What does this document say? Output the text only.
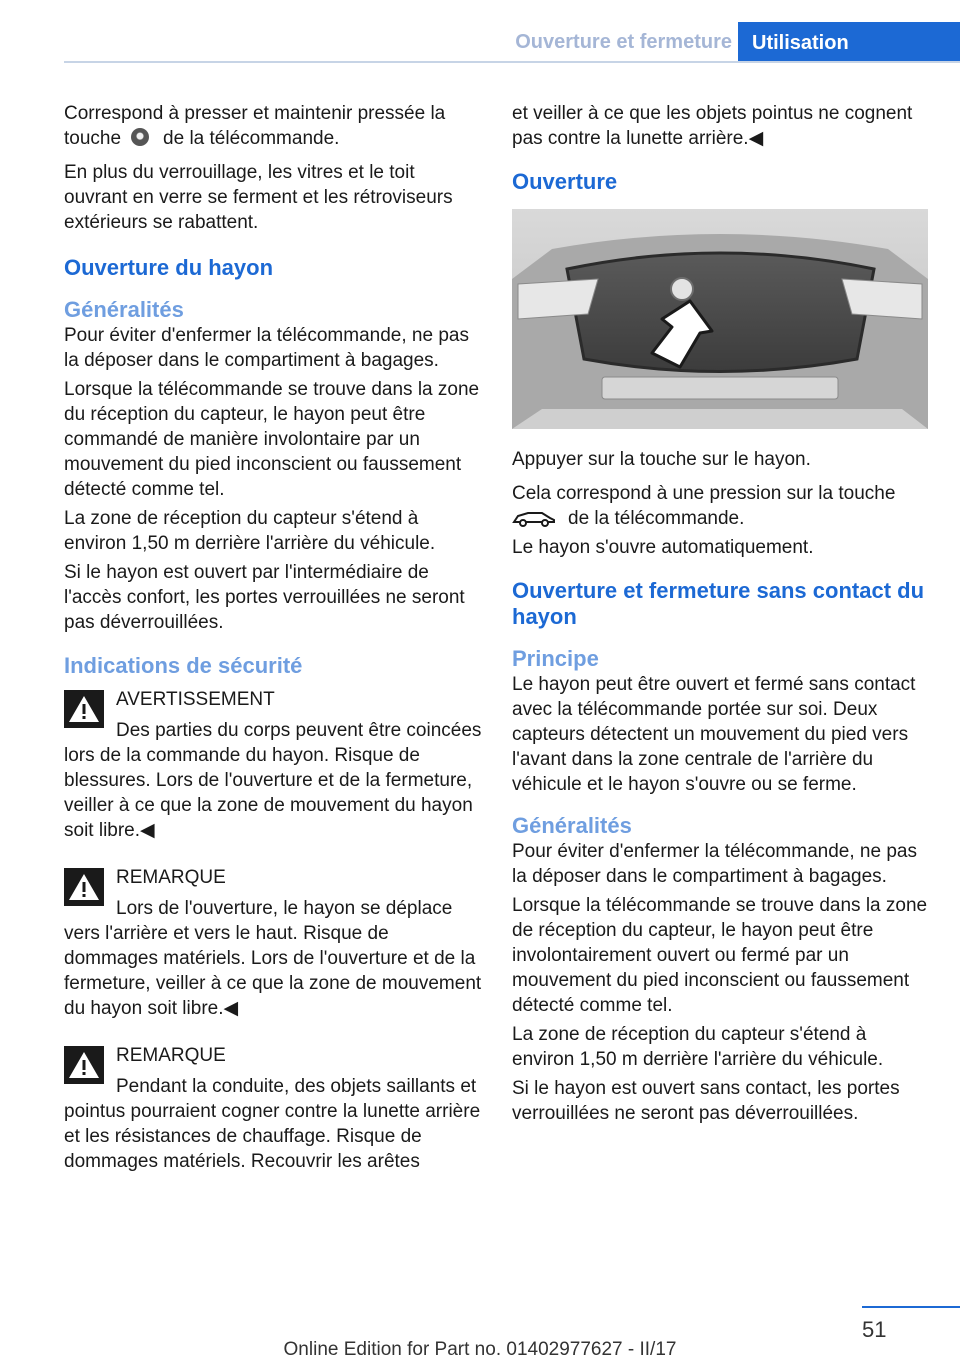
Ouverture et fermeture	Utilisation

Correspond à presser et maintenir pressée la touche de la télécommande.

En plus du verrouillage, les vitres et le toit ouvrant en verre se ferment et les rétroviseurs extérieurs se rabattent.

Ouverture du hayon
Généralités

Pour éviter d'enfermer la télécommande, ne pas la déposer dans le compartiment à bagages.

Lorsque la télécommande se trouve dans la zone du réception du capteur, le hayon peut être commandé de manière involontaire par un mouvement du pied inconscient ou faussement détecté comme tel.

La zone de réception du capteur s'étend à environ 1,50 m derrière l'arrière du véhicule.

Si le hayon est ouvert par l'intermédiaire de l'accès confort, les portes verrouillées ne seront pas déverrouillées.

Indications de sécurité
AVERTISSEMENT
Des parties du corps peuvent être coincées lors de la commande du hayon. Risque de blessures. Lors de l'ouverture et de la fermeture, veiller à ce que la zone de mouvement du hayon soit libre.◀
REMARQUE
Lors de l'ouverture, le hayon se déplace vers l'arrière et vers le haut. Risque de dommages matériels. Lors de l'ouverture et de la fermeture, veiller à ce que la zone de mouvement du hayon soit libre.◀
REMARQUE
Pendant la conduite, des objets saillants et pointus pourraient cogner contre la lunette arrière et les résistances de chauffage. Risque de dommages matériels. Recouvrir les arêtes

et veiller à ce que les objets pointus ne cognent pas contre la lunette arrière.◀

Ouverture

Appuyer sur la touche sur le hayon.

Cela correspond à une pression sur la touche
de la télécommande.

Le hayon s'ouvre automatiquement.

Ouverture et fermeture sans contact du hayon
Principe

Le hayon peut être ouvert et fermé sans contact avec la télécommande portée sur soi. Deux capteurs détectent un mouvement du pied vers l'avant dans la zone centrale de l'arrière du véhicule et le hayon s'ouvre ou se ferme.

Généralités

Pour éviter d'enfermer la télécommande, ne pas la déposer dans le compartiment à bagages.

Lorsque la télécommande se trouve dans la zone de réception du capteur, le hayon peut être involontairement ouvert ou fermé par un mouvement du pied inconscient ou faussement détecté comme tel.

La zone de réception du capteur s'étend à environ 1,50 m derrière l'arrière du véhicule.

Si le hayon est ouvert sans contact, les portes verrouillées ne seront pas déverrouillées.

51
Online Edition for Part no. 01402977627 - II/17
